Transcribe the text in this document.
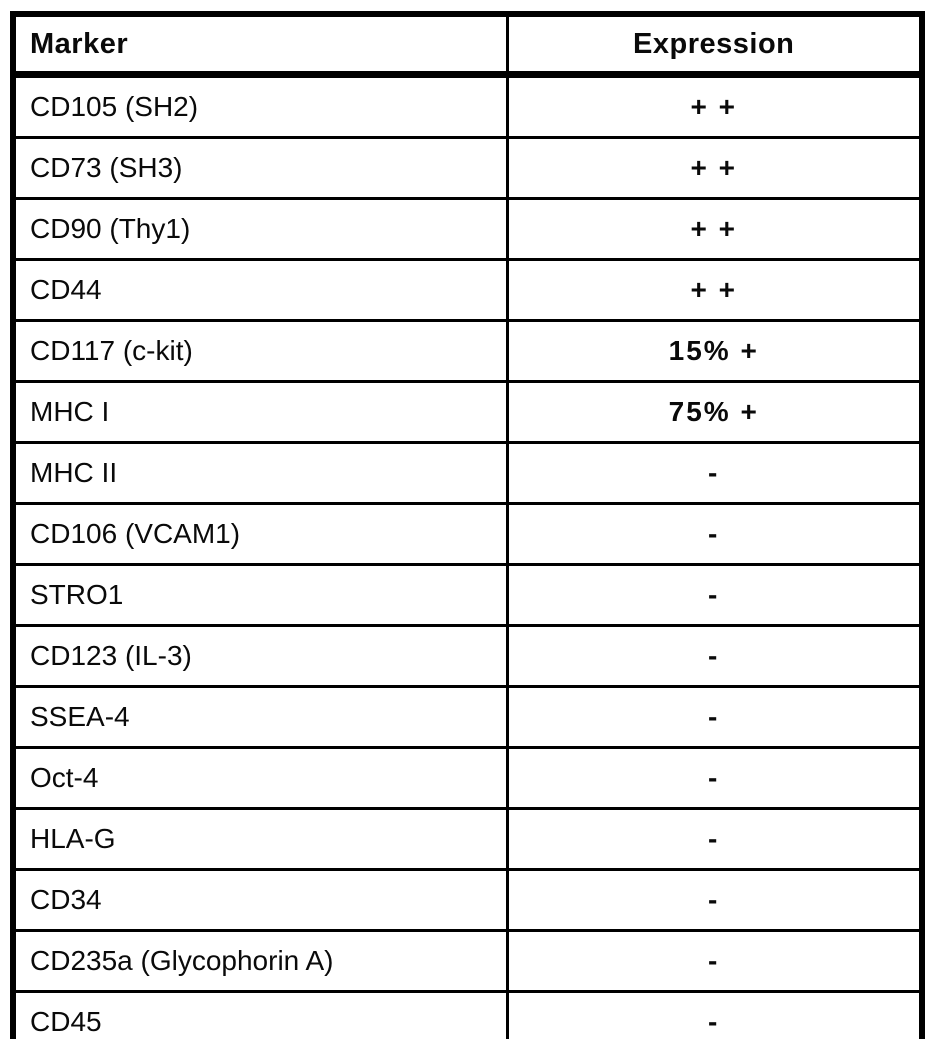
Marker	Expression
CD105 (SH2)	+ +
CD73 (SH3)	+ +
CD90 (Thy1)	+ +
CD44	+ +
CD117 (c-kit)	15% +
MHC I	75% +
MHC II	-
CD106 (VCAM1)	-
STRO1	-
CD123 (IL-3)	-
SSEA-4	-
Oct-4	-
HLA-G	-
CD34	-
CD235a (Glycophorin A)	-
CD45	-
